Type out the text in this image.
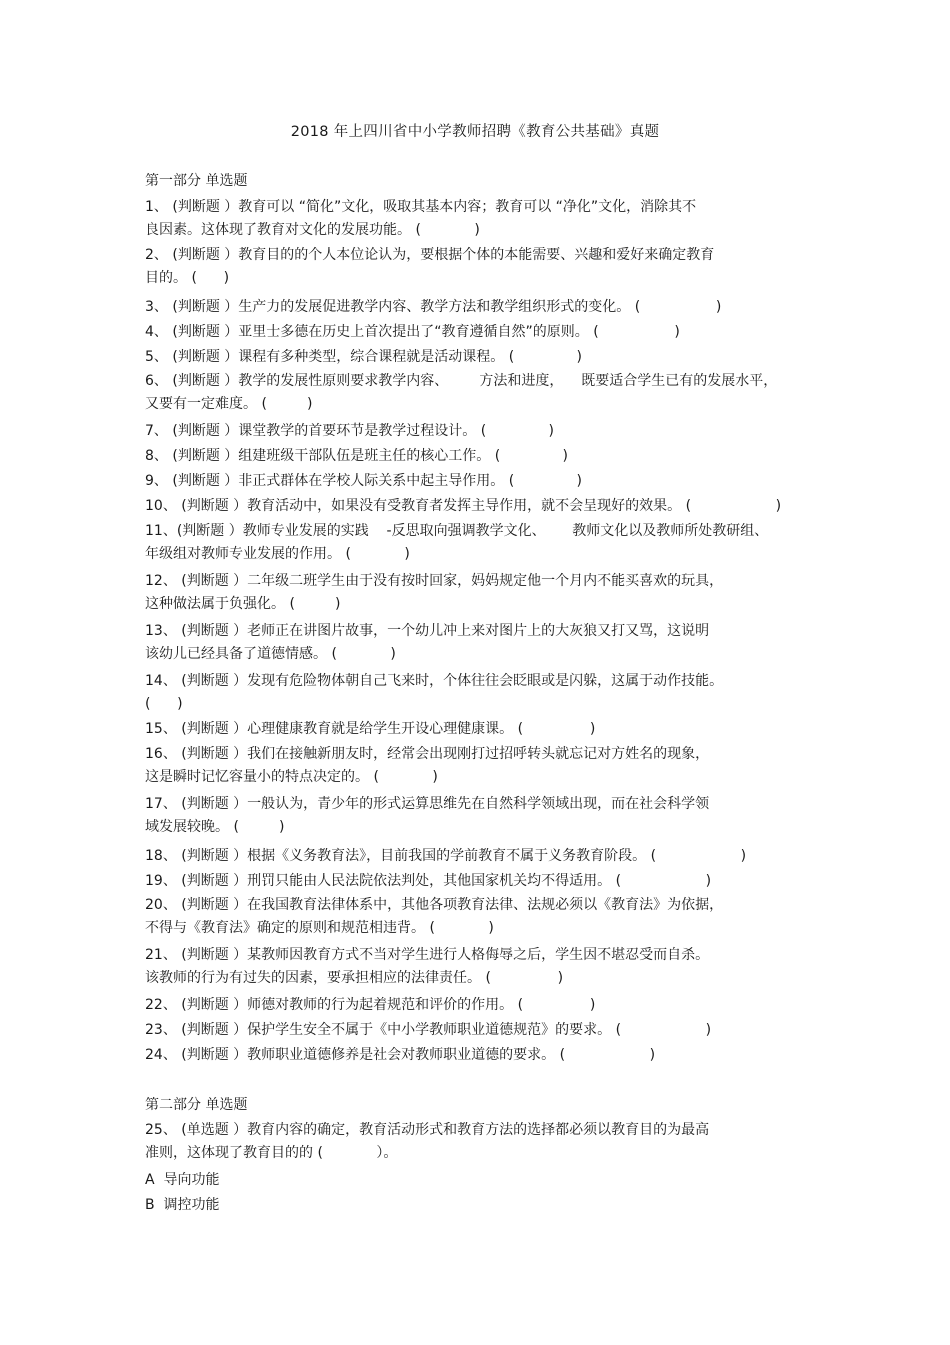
2018 年上四川省中小学教师招聘《教育公共基础》真题
第一部分 单选题
1、 (判断题 ）教育可以 “简化”文化，吸取其基本内容；教育可以 “净化”文化，消除其不
良因素。这体现了教育对文化的发展功能。 (            )
2、 (判断题 ）教育目的的个人本位论认为，要根据个体的本能需要、兴趣和爱好来确定教育
目的。 (      )
3、 (判断题 ）生产力的发展促进教学内容、教学方法和教学组织形式的变化。 (                 )
4、 (判断题 ）亚里士多德在历史上首次提出了“教育遵循自然”的原则。 (                 )
5、 (判断题 ）课程有多种类型，综合课程就是活动课程。 (              )
6、 (判断题 ）教学的发展性原则要求教学内容、       方法和进度，    既要适合学生已有的发展水平，
又要有一定难度。 (         )
7、 (判断题 ）课堂教学的首要环节是教学过程设计。 (              )
8、 (判断题 ）组建班级干部队伍是班主任的核心工作。 (              )
9、 (判断题 ）非正式群体在学校人际关系中起主导作用。 (              )
10、 (判断题 ）教育活动中，如果没有受教育者发挥主导作用，就不会呈现好的效果。 (                   )
11、(判断题 ）教师专业发展的实践    -反思取向强调教学文化、      教师文化以及教师所处教研组、
年级组对教师专业发展的作用。 (            )
12、 (判断题 ）二年级二班学生由于没有按时回家，妈妈规定他一个月内不能买喜欢的玩具，
这种做法属于负强化。 (         )
13、 (判断题 ）老师正在讲图片故事，一个幼儿冲上来对图片上的大灰狼又打又骂，这说明
该幼儿已经具备了道德情感。 (            )
14、 (判断题 ）发现有危险物体朝自己飞来时，个体往往会眨眼或是闪躲，这属于动作技能。
(      )
15、 (判断题 ）心理健康教育就是给学生开设心理健康课。 (               )
16、 (判断题 ）我们在接触新朋友时，经常会出现刚打过招呼转头就忘记对方姓名的现象，
这是瞬时记忆容量小的特点决定的。 (            )
17、 (判断题 ）一般认为，青少年的形式运算思维先在自然科学领域出现，而在社会科学领
域发展较晚。 (         )
18、 (判断题 ）根据《义务教育法》，目前我国的学前教育不属于义务教育阶段。 (                   )
19、 (判断题 ）刑罚只能由人民法院依法判处，其他国家机关均不得适用。 (                   )
20、 (判断题 ）在我国教育法律体系中，其他各项教育法律、法规必须以《教育法》为依据，
不得与《教育法》确定的原则和规范相违背。 (            )
21、 (判断题 ）某教师因教育方式不当对学生进行人格侮辱之后，学生因不堪忍受而自杀。
该教师的行为有过失的因素，要承担相应的法律责任。 (               )
22、 (判断题 ）师德对教师的行为起着规范和评价的作用。 (               )
23、 (判断题 ）保护学生安全不属于《中小学教师职业道德规范》的要求。 (                   )
24、 (判断题 ）教师职业道德修养是社会对教师职业道德的要求。 (                   )
25、 (单选题 ）教育内容的确定，教育活动形式和教育方法的选择都必须以教育目的为最高
准则，这体现了教育目的的 (            ）。
第二部分 单选题
A  导向功能
B  调控功能
